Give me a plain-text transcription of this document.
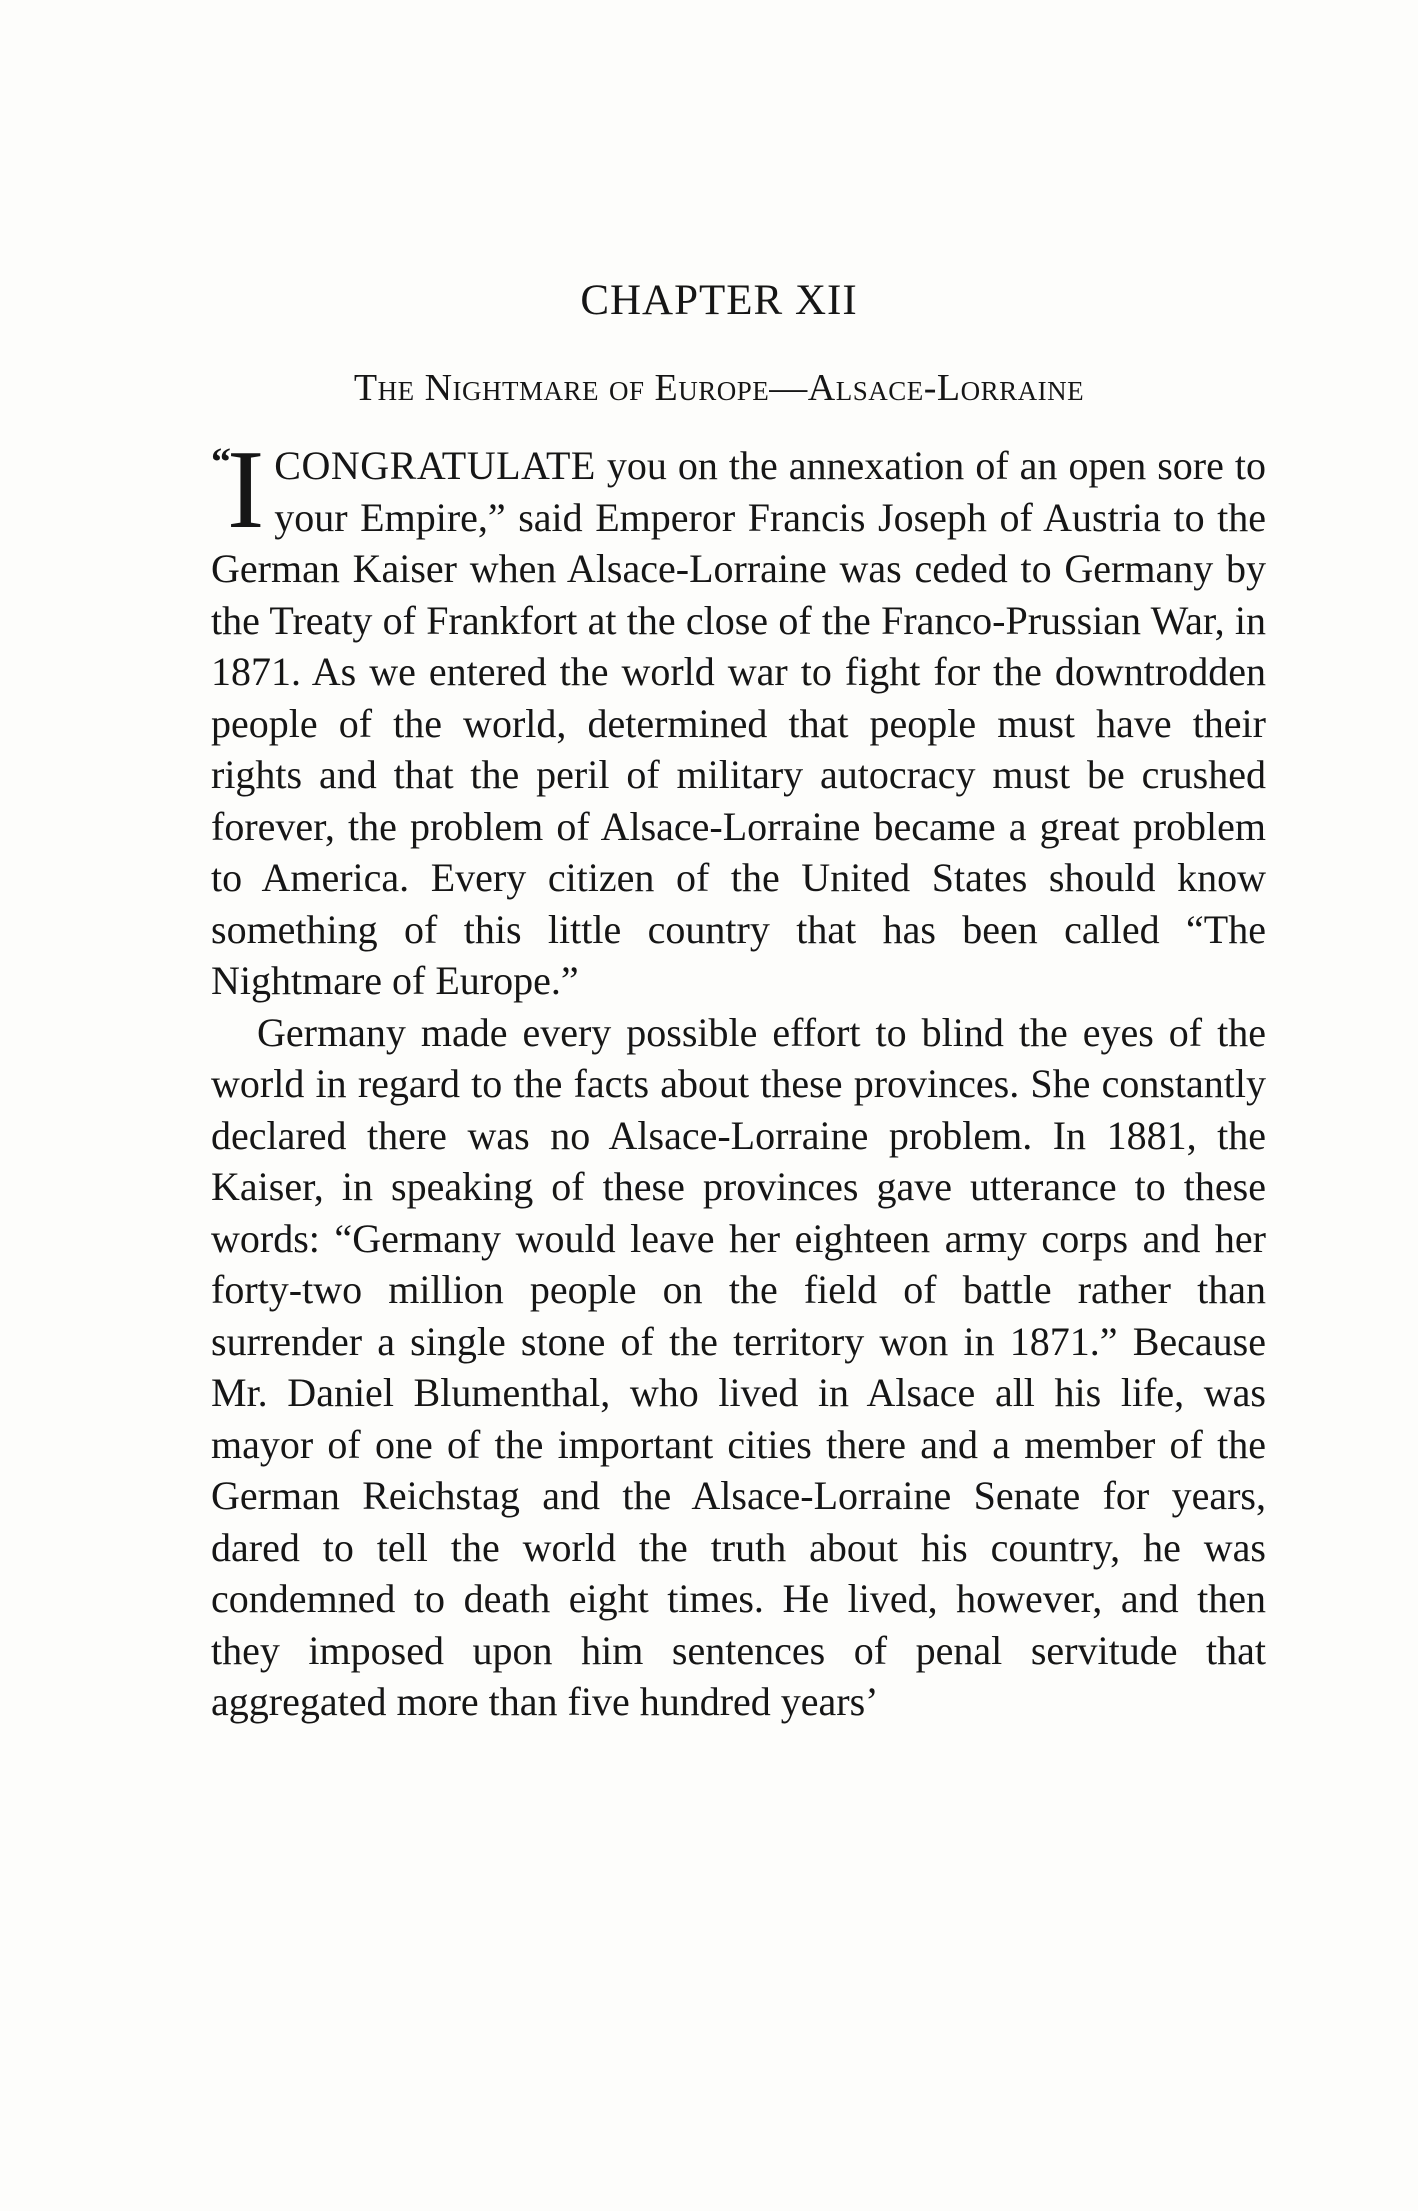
CHAPTER XII
The Nightmare of Europe—Alsace-Lorraine

“
I CONGRATULATE you on the annexation of an open sore to your Empire,” said Emperor Francis Joseph of Austria to the German Kaiser when Alsace-Lorraine was ceded to Germany by the Treaty of Frankfort at the close of the Franco-Prussian War, in 1871. As we entered the world war to fight for the downtrodden people of the world, determined that people must have their rights and that the peril of military autocracy must be crushed forever, the problem of Alsace-Lorraine became a great problem to America. Every citizen of the United States should know something of this little country that has been called “The Nightmare of Europe.”

Germany made every possible effort to blind the eyes of the world in regard to the facts about these provinces. She constantly declared there was no Alsace-Lorraine problem. In 1881, the Kaiser, in speaking of these provinces gave utterance to these words: “Germany would leave her eighteen army corps and her forty-two million people on the field of battle rather than surrender a single stone of the territory won in 1871.” Because Mr. Daniel Blumenthal, who lived in Alsace all his life, was mayor of one of the important cities there and a member of the German Reichstag and the Alsace-Lorraine Senate for years, dared to tell the world the truth about his country, he was condemned to death eight times. He lived, however, and then they imposed upon him sentences of penal servitude that aggregated more than five hundred years’
